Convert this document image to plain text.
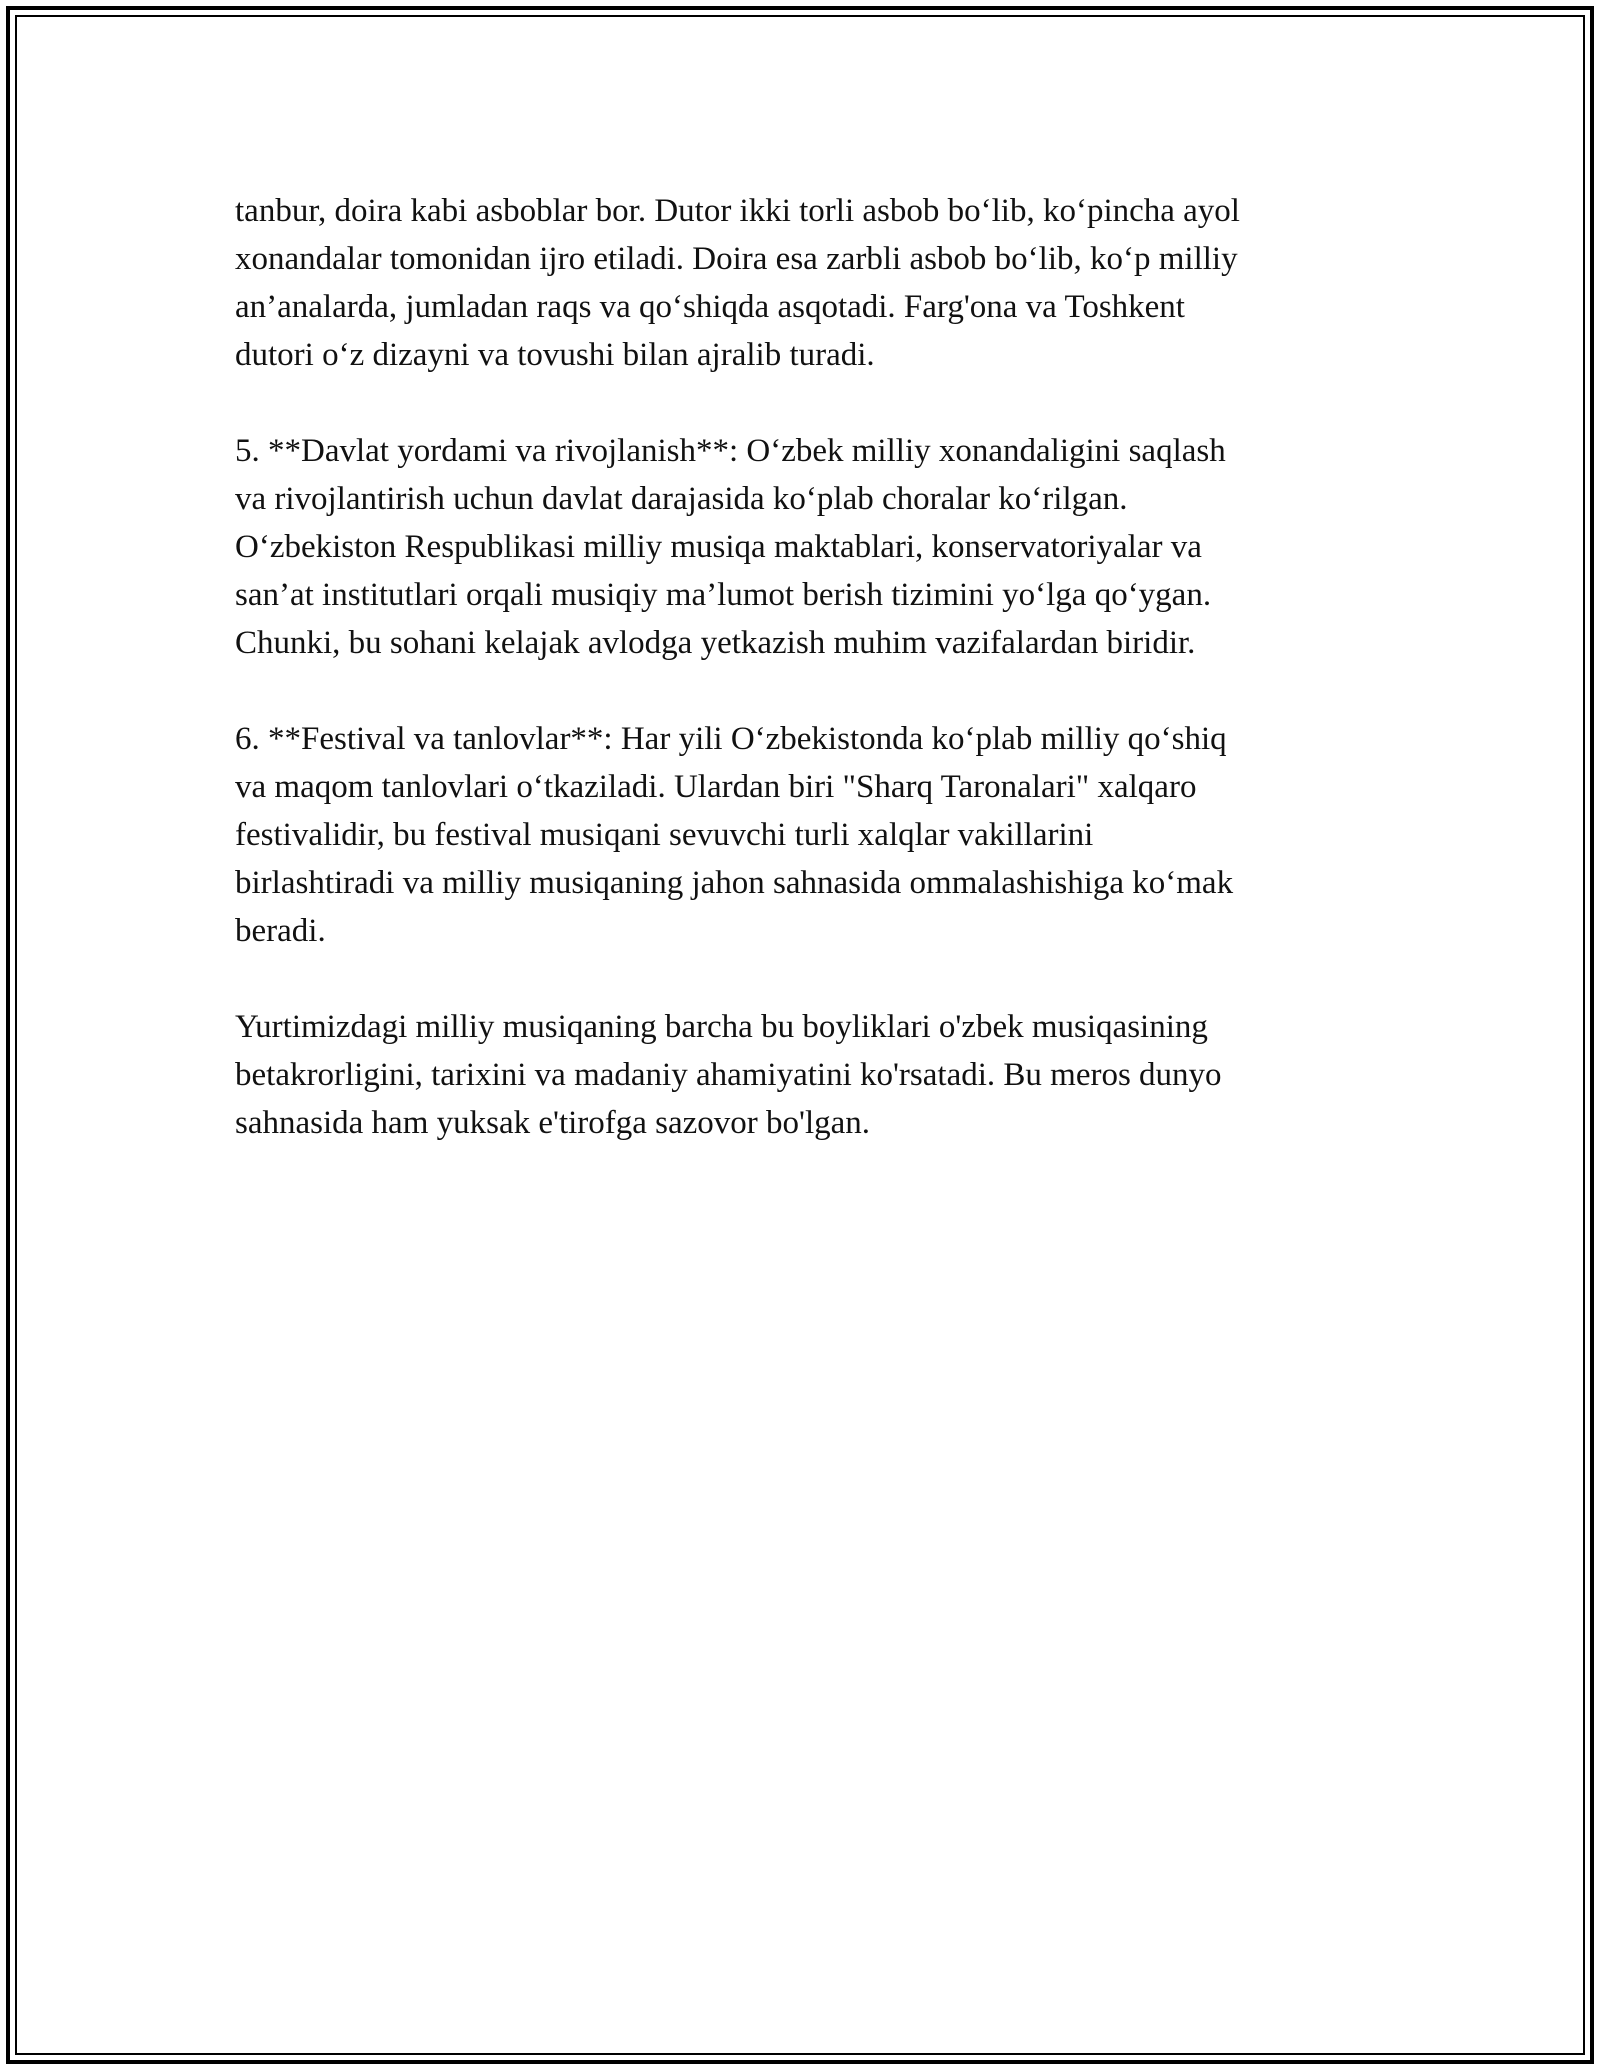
tanbur, doira kabi asboblar bor. Dutor ikki torli asbob bo‘lib, ko‘pincha ayol
xonandalar tomonidan ijro etiladi. Doira esa zarbli asbob bo‘lib, ko‘p milliy
an’analarda, jumladan raqs va qo‘shiqda asqotadi. Farg'ona va Toshkent
dutori o‘z dizayni va tovushi bilan ajralib turadi.

5. **Davlat yordami va rivojlanish**: O‘zbek milliy xonandaligini saqlash
va rivojlantirish uchun davlat darajasida ko‘plab choralar ko‘rilgan.
O‘zbekiston Respublikasi milliy musiqa maktablari, konservatoriyalar va
san’at institutlari orqali musiqiy ma’lumot berish tizimini yo‘lga qo‘ygan.
Chunki, bu sohani kelajak avlodga yetkazish muhim vazifalardan biridir.

6. **Festival va tanlovlar**: Har yili O‘zbekistonda ko‘plab milliy qo‘shiq
va maqom tanlovlari o‘tkaziladi. Ulardan biri "Sharq Taronalari" xalqaro
festivalidir, bu festival musiqani sevuvchi turli xalqlar vakillarini
birlashtiradi va milliy musiqaning jahon sahnasida ommalashishiga ko‘mak
beradi.

Yurtimizdagi milliy musiqaning barcha bu boyliklari o'zbek musiqasining
betakrorligini, tarixini va madaniy ahamiyatini ko'rsatadi. Bu meros dunyo
sahnasida ham yuksak e'tirofga sazovor bo'lgan.
